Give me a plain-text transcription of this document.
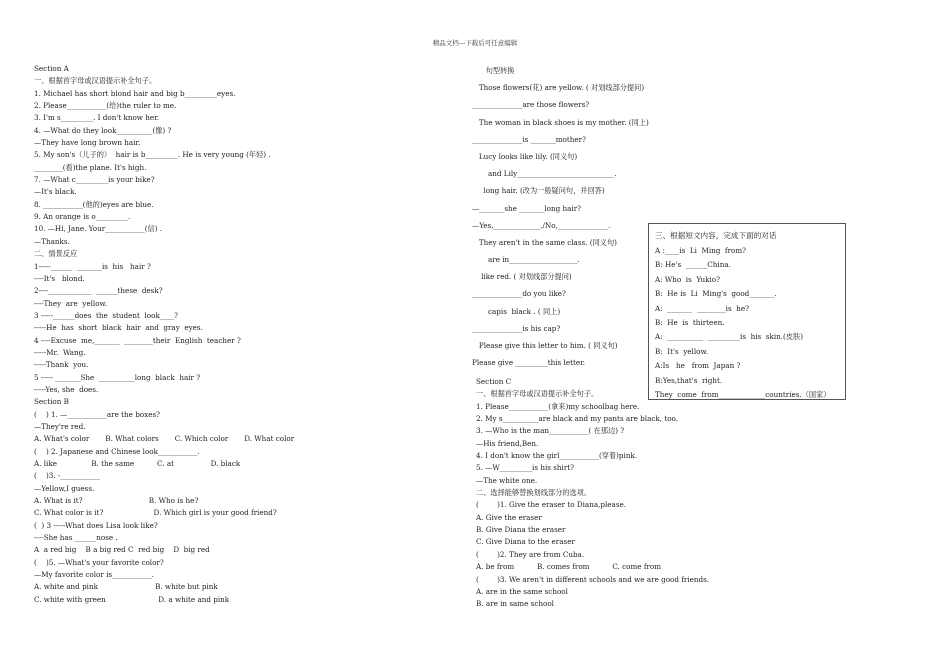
精品文档---下载后可任意编辑
Section A
一、根据首字母或汉语提示补全句子。
1. Michael has short blond hair and big b_________eyes.
2. Please___________(给)the ruler to me.
3. I'm s_________. I don't know her.
4. —What do they look__________(像) ?
—They have long brown hair.
5. My son's（儿子的）  hair is b_________. He is very young (年轻) .
________(看)the plane. It's high.
7. —What c_________is your bike?
—It's black.
8. ___________(他的)eyes are blue.
9. An orange is o_________.
10. —Hi, Jane. Your___________(信) .
—Thanks.
二、情景反应
1-----______  _______is  his   hair ?
----It's   blond.
2----____________  ______these  desk?
----They  are  yellow.
3 -----______does  the  student  look____?
-----He  has  short  black  hair  and  gray  eyes.
4 ----Excuse  me,_______  ________their  English  teacher ?
-----Mr.  Wang.
-----Thank  you.
5 ----- _______She  __________long  black  hair ?
-----Yes, she  does.
Section B
(    ) 1. —___________are the boxes?
—They're red.
A. What's color       B. What colors       C. Which color       D. What color
(    ) 2. Japanese and Chinese look___________.
A. like               B. the same          C. at                D. black
(    )3. -___________
—Yellow,I guess.
A. What is it?                             B. Who is he?
C. What color is it?                      D. Which girl is your good friend?
(  ) 3 -----What does Lisa look like?
----She has ______nose .
A  a red big    B a big red C  red big    D  big red
(    )5. —What's your favorite color?
—My favorite color is___________.
A. white and pink                         B. white but pink
C. white with green                       D. a white and pink
句型转换
Those flowers(花) are yellow. ( 对划线部分提问)
______________are those flowers?
The woman in black shoes is my mother. (同上)
______________is _______mother?
Lucy looks like lily. (同义句)
and Lily___________________________.
long hair. (改为一般疑问句，并回答)
—_______she _______long hair?
—Yes,_____________./No,______________.
They aren't in the same class. (同义句)
are in___________________.
like red. ( 对划线部分提问)
______________do you like?
capis  black . ( 同上)
______________is his cap?
Please give this letter to him. ( 同义句)
Please give _________this letter.
Section C
一、根据首字母或汉语提示补全句子。
1. Please___________(拿来)my schoolbag here.
2. My s__________are black and my pants are black, too.
3. —Who is the man___________( 在那边) ?
—His friend,Ben.
4. I don't know the girl___________(穿着)pink.
5. —W_________is his shirt?
—The white one.
二、选择能够替换划线部分的选项。
(        )1. Give the eraser to Diana,please.
A. Give the eraser
B. Give Diana the eraser
C. Give Diana to the eraser
(        )2. They are from Cuba.
A. be from          B. comes from          C. come from
(        )3. We aren't in different schools and we are good friends.
A. are in the same school
B. are in same school
三、根据短文内容，完成下面的对话
A :____is  Li  Ming  from?
B: He's  ______China.
A: Who  is  Yukio?
B:  He is  Li  Ming's  good_______.
A:  _______  ________is  he?
B:  He  is  thirteen.
A:  __________  _________is  his  skin.(皮肤)
B:  It's  yellow.
A:Is   he   from  Japan ?
B:Yes,that's  right.
They  come  from_____________countries.（国家）
